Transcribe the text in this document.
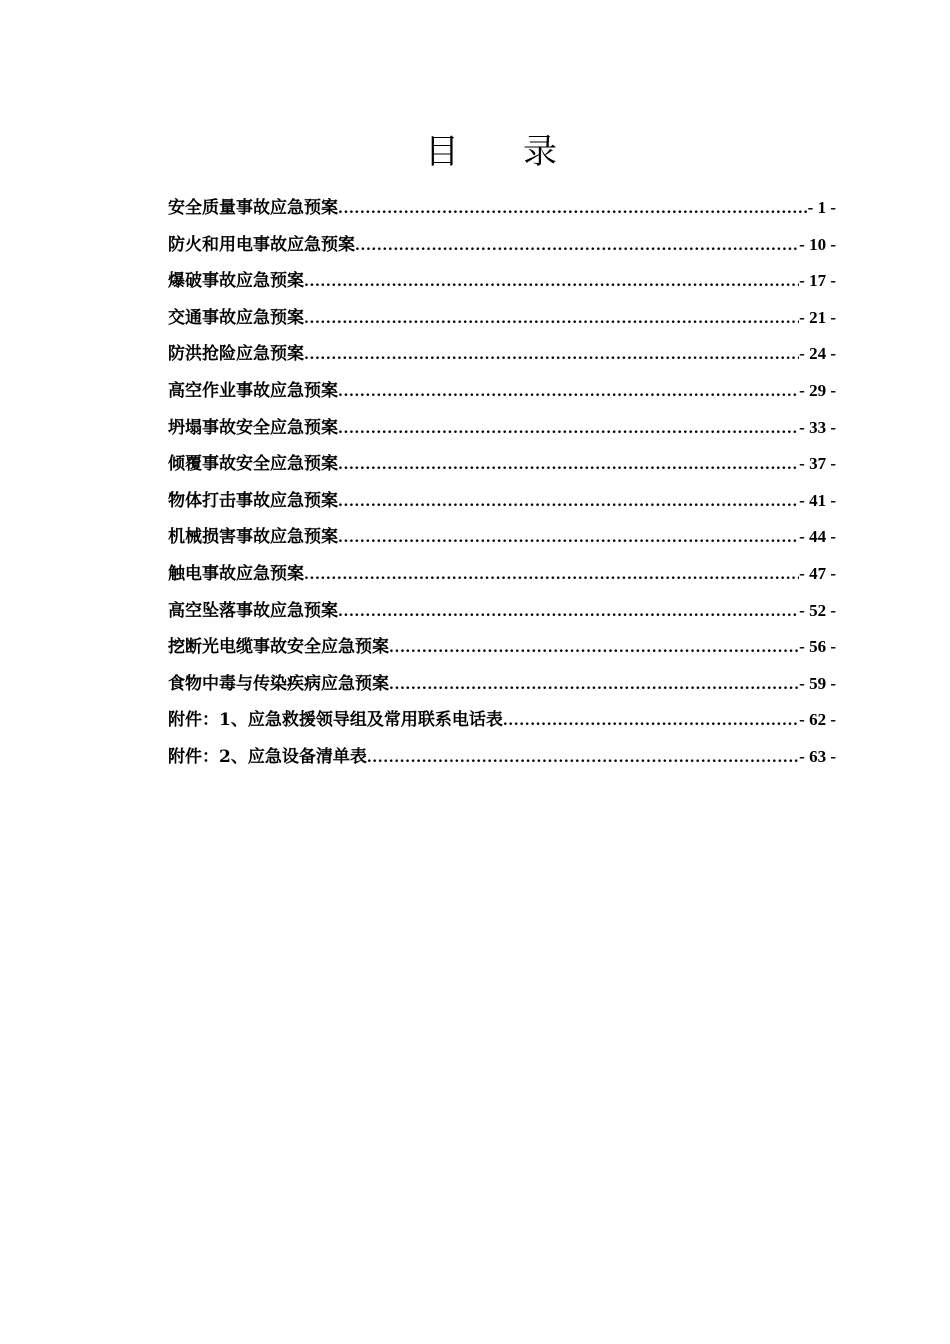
目录
安全质量事故应急预案 .....	- 1 -
防火和用电事故应急预案 .....	- 10 -
爆破事故应急预案 .....	- 17 -
交通事故应急预案 .....	- 21 -
防洪抢险应急预案 .....	- 24 -
高空作业事故应急预案 .....	- 29 -
坍塌事故安全应急预案 .....	- 33 -
倾覆事故安全应急预案 .....	- 37 -
物体打击事故应急预案 .....	- 41 -
机械损害事故应急预案 .....	- 44 -
触电事故应急预案 .....	- 47 -
高空坠落事故应急预案 .....	- 52 -
挖断光电缆事故安全应急预案 .....	- 56 -
食物中毒与传染疾病应急预案 .....	- 59 -
附件：1、应急救援领导组及常用联系电话表 .....	- 62 -
附件：2、应急设备清单表 .....	- 63 -
